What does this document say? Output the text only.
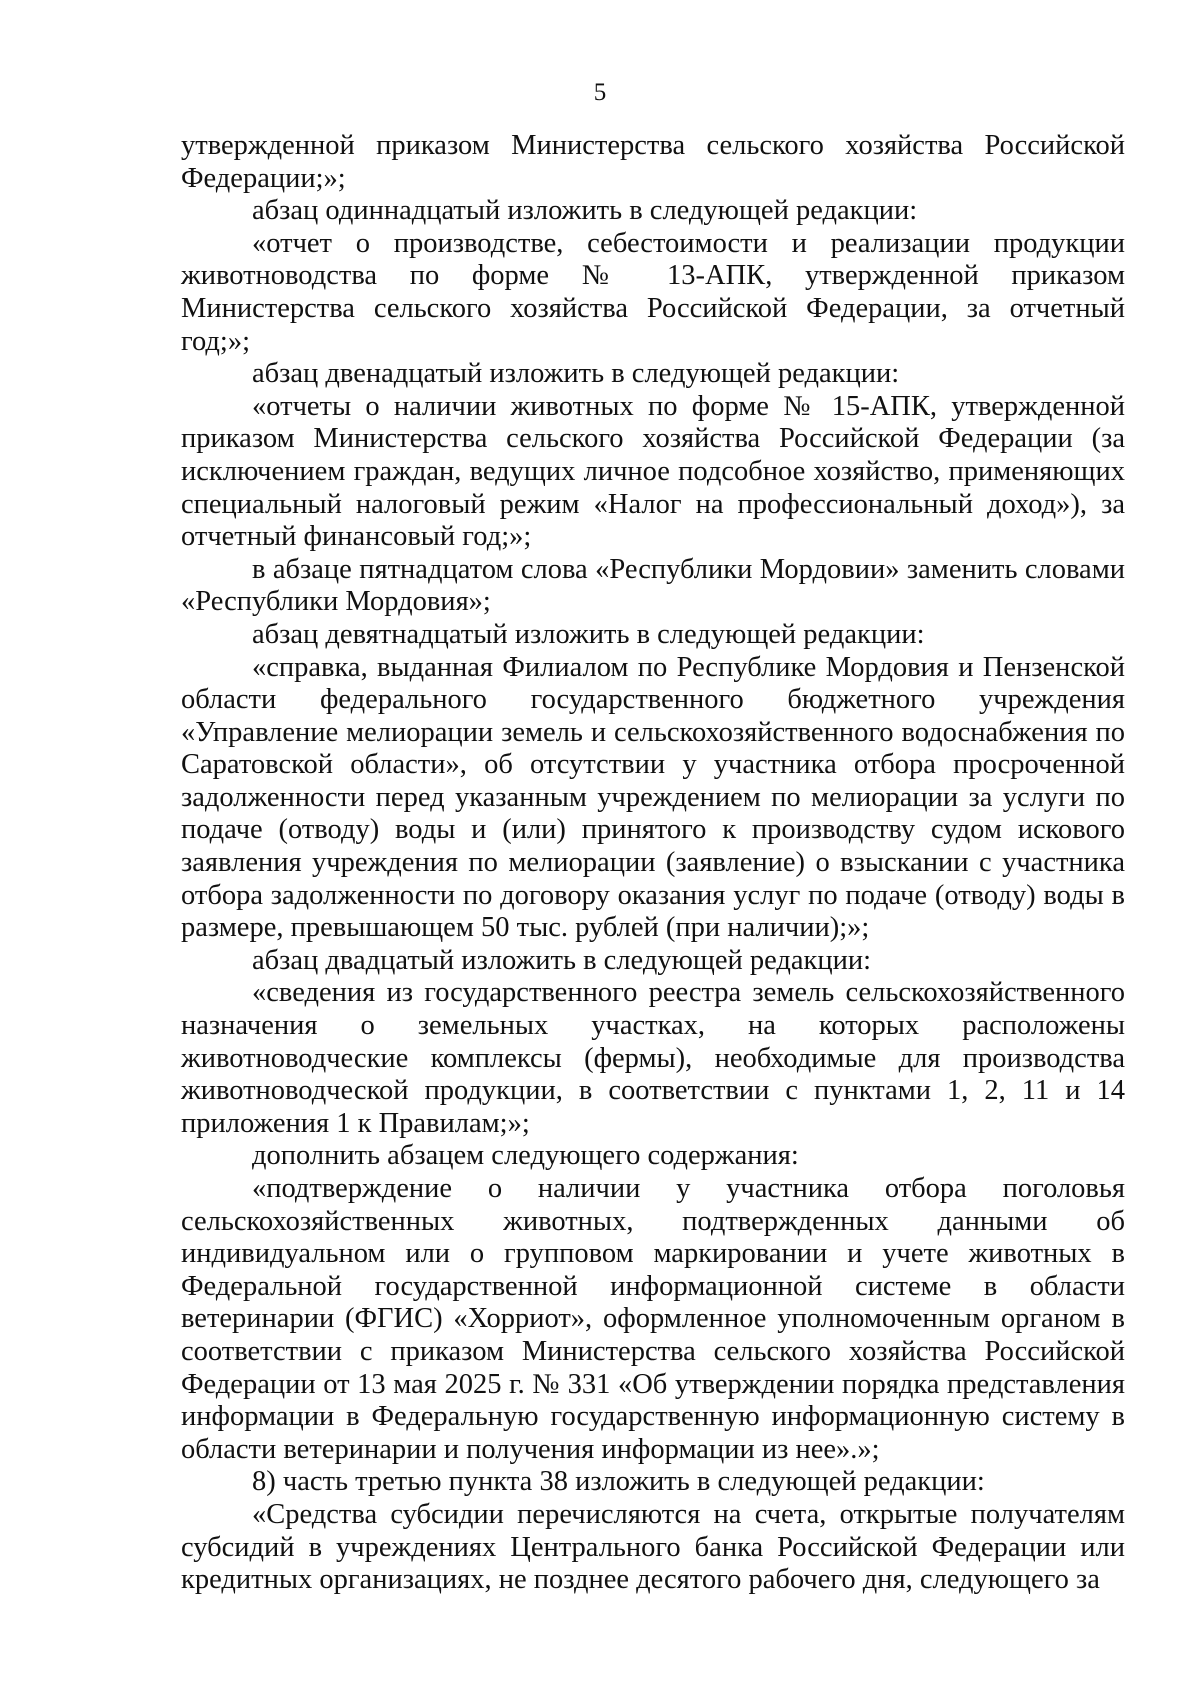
5

утвержденной приказом Министерства сельского хозяйства Российской Федерации;»;

абзац одиннадцатый изложить в следующей редакции:

«отчет о производстве, себестоимости и реализации продукции животноводства по форме № 13-АПК, утвержденной приказом Министерства сельского хозяйства Российской Федерации, за отчетный год;»;

абзац двенадцатый изложить в следующей редакции:

«отчеты о наличии животных по форме № 15-АПК, утвержденной приказом Министерства сельского хозяйства Российской Федерации (за исключением граждан, ведущих личное подсобное хозяйство, применяющих специальный налоговый режим «Налог на профессиональный доход»), за отчетный финансовый год;»;

в абзаце пятнадцатом слова «Республики Мордовии» заменить словами «Республики Мордовия»;

абзац девятнадцатый изложить в следующей редакции:

«справка, выданная Филиалом по Республике Мордовия и Пензенской области федерального государственного бюджетного учреждения «Управление мелиорации земель и сельскохозяйственного водоснабжения по Саратовской области», об отсутствии у участника отбора просроченной задолженности перед указанным учреждением по мелиорации за услуги по подаче (отводу) воды и (или) принятого к производству судом искового заявления учреждения по мелиорации (заявление) о взыскании с участника отбора задолженности по договору оказания услуг по подаче (отводу) воды в размере, превышающем 50 тыс. рублей (при наличии);»;

абзац двадцатый изложить в следующей редакции:

«сведения из государственного реестра земель сельскохозяйственного назначения о земельных участках, на которых расположены животноводческие комплексы (фермы), необходимые для производства животноводческой продукции, в соответствии с пунктами 1, 2, 11 и 14 приложения 1 к Правилам;»;

дополнить абзацем следующего содержания:

«подтверждение о наличии у участника отбора поголовья сельскохозяйственных животных, подтвержденных данными об индивидуальном или о групповом маркировании и учете животных в Федеральной государственной информационной системе в области ветеринарии (ФГИС) «Хорриот», оформленное уполномоченным органом в соответствии с приказом Министерства сельского хозяйства Российской Федерации от 13 мая 2025 г. № 331 «Об утверждении порядка представления информации в Федеральную государственную информационную систему в области ветеринарии и получения информации из нее».»;

8) часть третью пункта 38 изложить в следующей редакции:

«Средства субсидии перечисляются на счета, открытые получателям субсидий в учреждениях Центрального банка Российской Федерации или кредитных организациях, не позднее десятого рабочего дня, следующего за
